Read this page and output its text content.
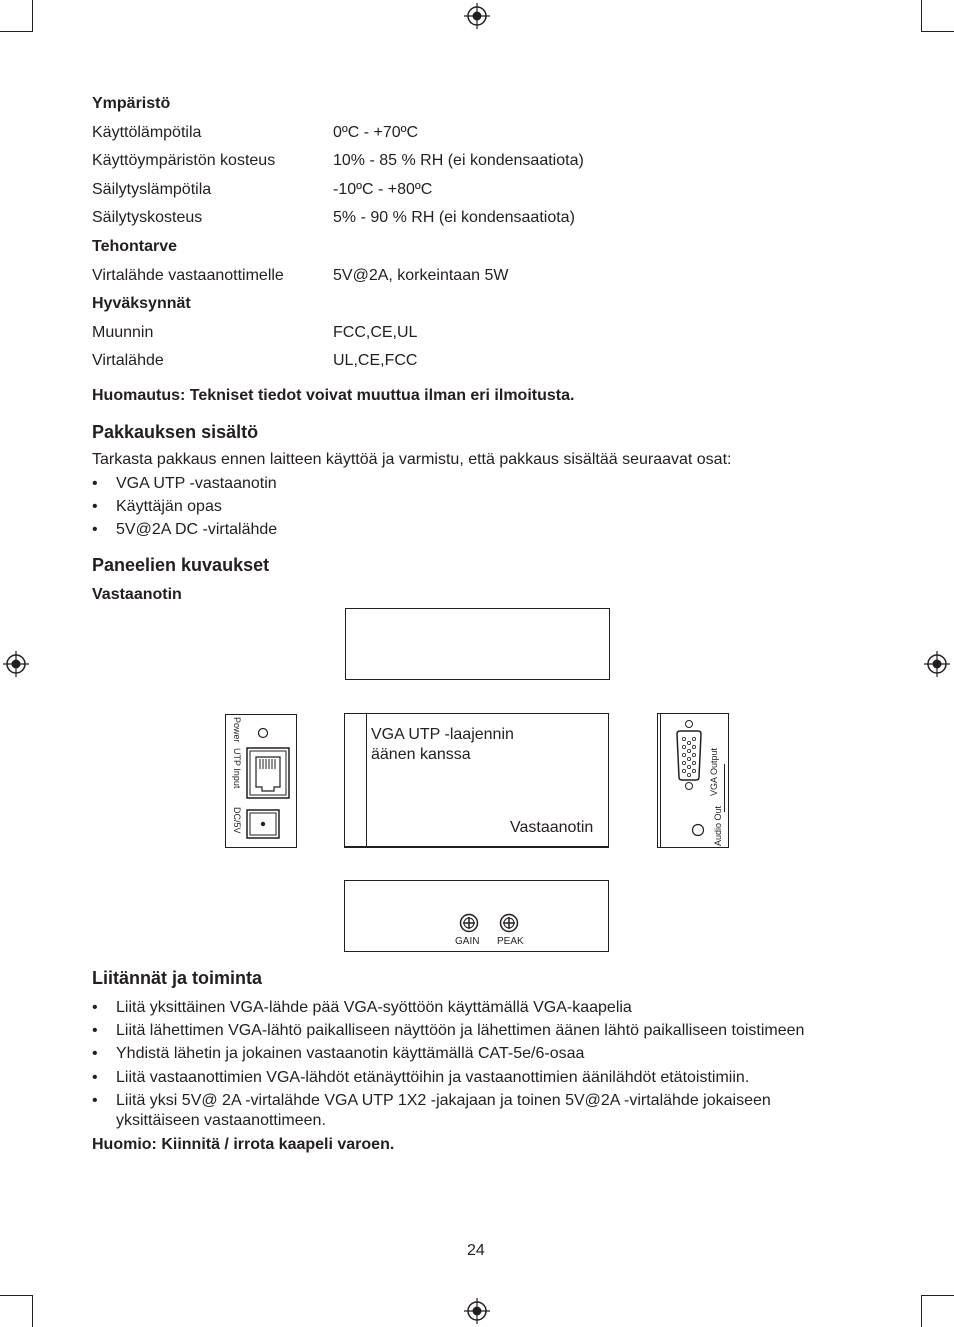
Ympäristö
Käyttölämpötila	0ºC - +70ºC
Käyttöympäristön kosteus	10% - 85 % RH (ei kondensaatiota)
Säilytyslämpötila	-10ºC - +80ºC
Säilytyskosteus	5% - 90 % RH (ei kondensaatiota)
Tehontarve
Virtalähde vastaanottimelle	5V@2A, korkeintaan 5W
Hyväksynnät
Muunnin	FCC,CE,UL
Virtalähde	UL,CE,FCC
Huomautus: Tekniset tiedot voivat muuttua ilman eri ilmoitusta.
Pakkauksen sisältö
Tarkasta pakkaus ennen laitteen käyttöä ja varmistu, että pakkaus sisältää seuraavat osat:
• VGA UTP -vastaanotin
• Käyttäjän opas
• 5V@2A DC -virtalähde
Paneelien kuvaukset
Vastaanotin
Power
UTP Input
DC/5V
VGA UTP -laajennin
äänen kanssa
Vastaanotin
VGA Output
Audio Out
GAIN PEAK
Liitännät ja toiminta
• Liitä yksittäinen VGA-lähde pää VGA-syöttöön käyttämällä VGA-kaapelia
• Liitä lähettimen VGA-lähtö paikalliseen näyttöön ja lähettimen äänen lähtö paikalliseen toistimeen
• Yhdistä lähetin ja jokainen vastaanotin käyttämällä CAT-5e/6-osaa
• Liitä vastaanottimien VGA-lähdöt etänäyttöihin ja vastaanottimien äänilähdöt etätoistimiin.
• Liitä yksi 5V@ 2A -virtalähde VGA UTP 1X2 -jakajaan ja toinen 5V@2A -virtalähde jokaiseen
yksittäiseen vastaanottimeen.
Huomio: Kiinnitä / irrota kaapeli varoen.
24
